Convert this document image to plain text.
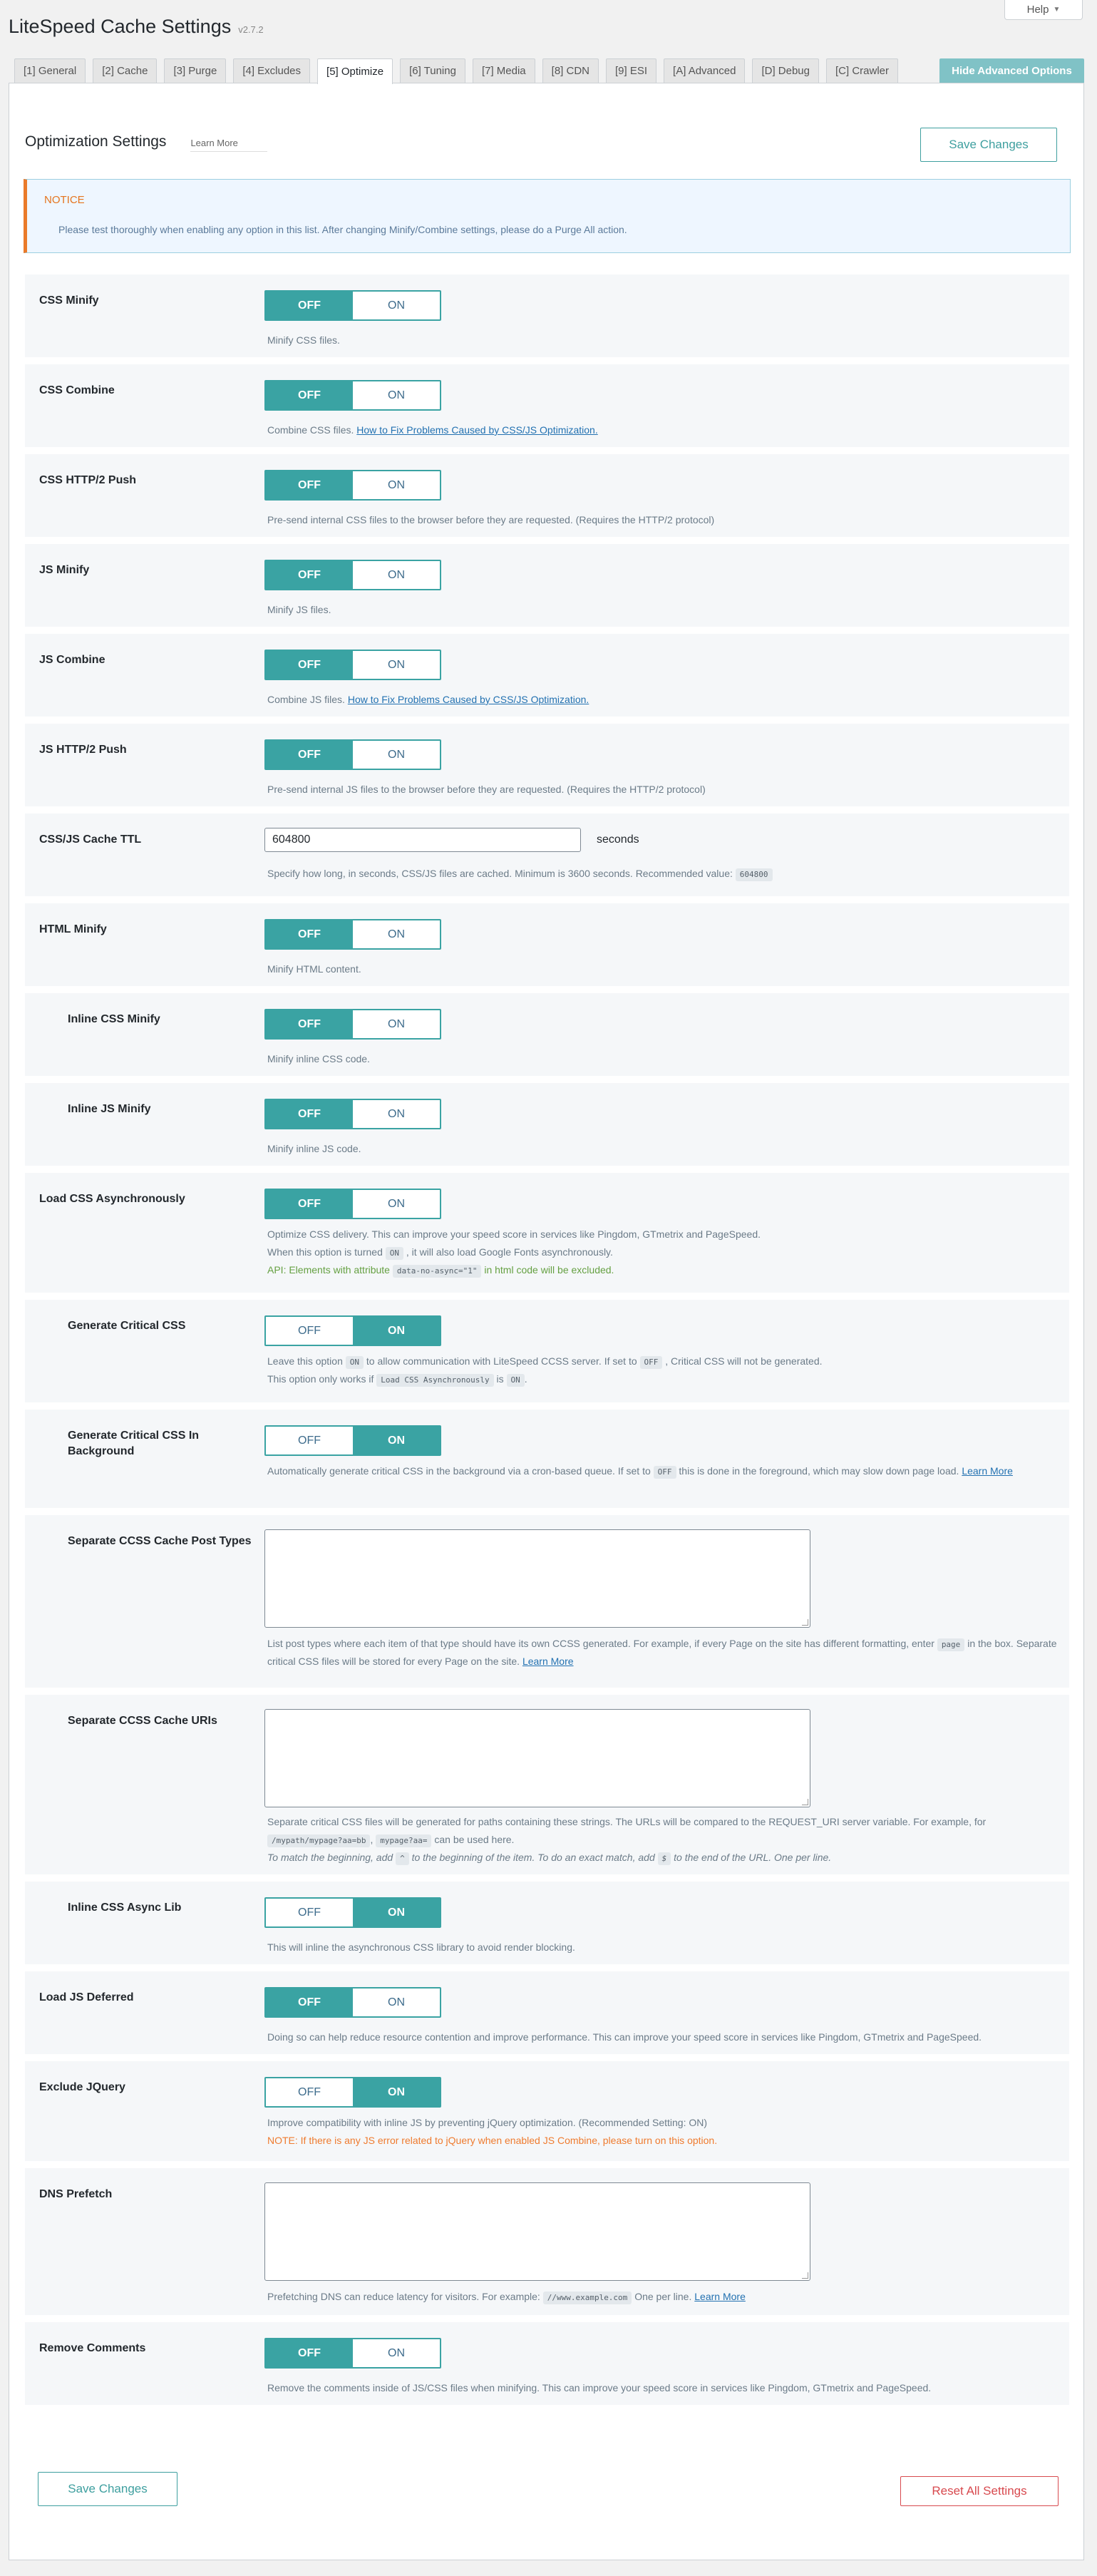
Help ▼
LiteSpeed Cache Settings v2.7.2
[1] General	[2] Cache	[3] Purge	[4] Excludes	[5] Optimize	[6] Tuning	[7] Media	[8] CDN	[9] ESI	[A] Advanced	[D] Debug	[C] Crawler	Hide Advanced Options
Optimization Settings	Learn More	Save Changes
NOTICE
Please test thoroughly when enabling any option in this list. After changing Minify/Combine settings, please do a Purge All action.
CSS Minify	OFF	ON
Minify CSS files.
CSS Combine	OFF	ON
Combine CSS files. How to Fix Problems Caused by CSS/JS Optimization.
CSS HTTP/2 Push	OFF	ON
Pre-send internal CSS files to the browser before they are requested. (Requires the HTTP/2 protocol)
JS Minify	OFF	ON
Minify JS files.
JS Combine	OFF	ON
Combine JS files. How to Fix Problems Caused by CSS/JS Optimization.
JS HTTP/2 Push	OFF	ON
Pre-send internal JS files to the browser before they are requested. (Requires the HTTP/2 protocol)
CSS/JS Cache TTL
604800	seconds
Specify how long, in seconds, CSS/JS files are cached. Minimum is 3600 seconds. Recommended value: 604800
HTML Minify	OFF	ON
Minify HTML content.
Inline CSS Minify	OFF	ON
Minify inline CSS code.
Inline JS Minify	OFF	ON
Minify inline JS code.
Load CSS Asynchronously	OFF	ON
Optimize CSS delivery. This can improve your speed score in services like Pingdom, GTmetrix and PageSpeed.
When this option is turned ON , it will also load Google Fonts asynchronously.
API: Elements with attribute data-no-async="1" in html code will be excluded.
Generate Critical CSS	OFF	ON
Leave this option ON to allow communication with LiteSpeed CCSS server. If set to OFF , Critical CSS will not be generated.
This option only works if Load CSS Asynchronously is ON .
Generate Critical CSS In Background
OFF	ON
Automatically generate critical CSS in the background via a cron-based queue. If set to OFF this is done in the foreground, which may slow down page load. Learn More
Separate CCSS Cache Post Types
List post types where each item of that type should have its own CCSS generated. For example, if every Page on the site has different formatting, enter page in the box. Separate critical CSS files will be stored for every Page on the site. Learn More
Separate CCSS Cache URIs
Separate critical CSS files will be generated for paths containing these strings. The URLs will be compared to the REQUEST_URI server variable. For example, for /mypath/mypage?aa=bb , mypage?aa= can be used here.
To match the beginning, add ^ to the beginning of the item. To do an exact match, add $ to the end of the URL. One per line.
Inline CSS Async Lib	OFF	ON
This will inline the asynchronous CSS library to avoid render blocking.
Load JS Deferred	OFF	ON
Doing so can help reduce resource contention and improve performance. This can improve your speed score in services like Pingdom, GTmetrix and PageSpeed.
Exclude JQuery	OFF	ON
Improve compatibility with inline JS by preventing jQuery optimization. (Recommended Setting: ON)
NOTE: If there is any JS error related to jQuery when enabled JS Combine, please turn on this option.
DNS Prefetch
Prefetching DNS can reduce latency for visitors. For example: //www.example.com One per line. Learn More
Remove Comments	OFF	ON
Remove the comments inside of JS/CSS files when minifying. This can improve your speed score in services like Pingdom, GTmetrix and PageSpeed.
Save Changes	Reset All Settings
